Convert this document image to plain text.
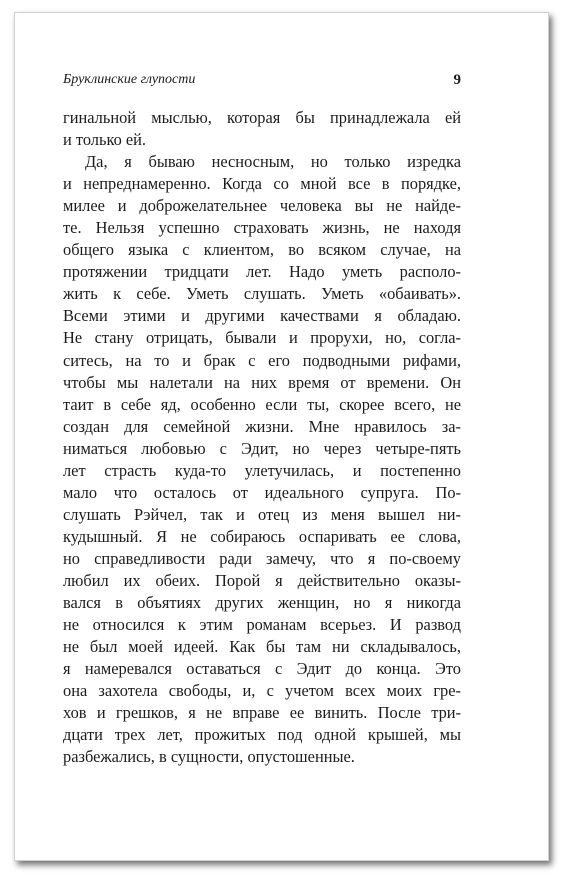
Бруклинские глупости	9
гинальной мыслью, которая бы принадлежала ей
и только ей.
Да, я бываю несносным, но только изредка
и непреднамеренно. Когда со мной все в порядке,
милее и доброжелательнее человека вы не найде-
те. Нельзя успешно страховать жизнь, не находя
общего языка с клиентом, во всяком случае, на
протяжении тридцати лет. Надо уметь располо-
жить к себе. Уметь слушать. Уметь «обаивать».
Всеми этими и другими качествами я обладаю.
Не стану отрицать, бывали и прорухи, но, согла-
ситесь, на то и брак с его подводными рифами,
чтобы мы налетали на них время от времени. Он
таит в себе яд, особенно если ты, скорее всего, не
создан для семейной жизни. Мне нравилось за-
ниматься любовью с Эдит, но через четыре-пять
лет страсть куда-то улетучилась, и постепенно
мало что осталось от идеального супруга. По-
слушать Рэйчел, так и отец из меня вышел ни-
кудышный. Я не собираюсь оспаривать ее слова,
но справедливости ради замечу, что я по-своему
любил их обеих. Порой я действительно оказы-
вался в объятиях других женщин, но я никогда
не относился к этим романам всерьез. И развод
не был моей идеей. Как бы там ни складывалось,
я намеревался оставаться с Эдит до конца. Это
она захотела свободы, и, с учетом всех моих гре-
хов и грешков, я не вправе ее винить. После три-
дцати трех лет, прожитых под одной крышей, мы
разбежались, в сущности, опустошенные.
